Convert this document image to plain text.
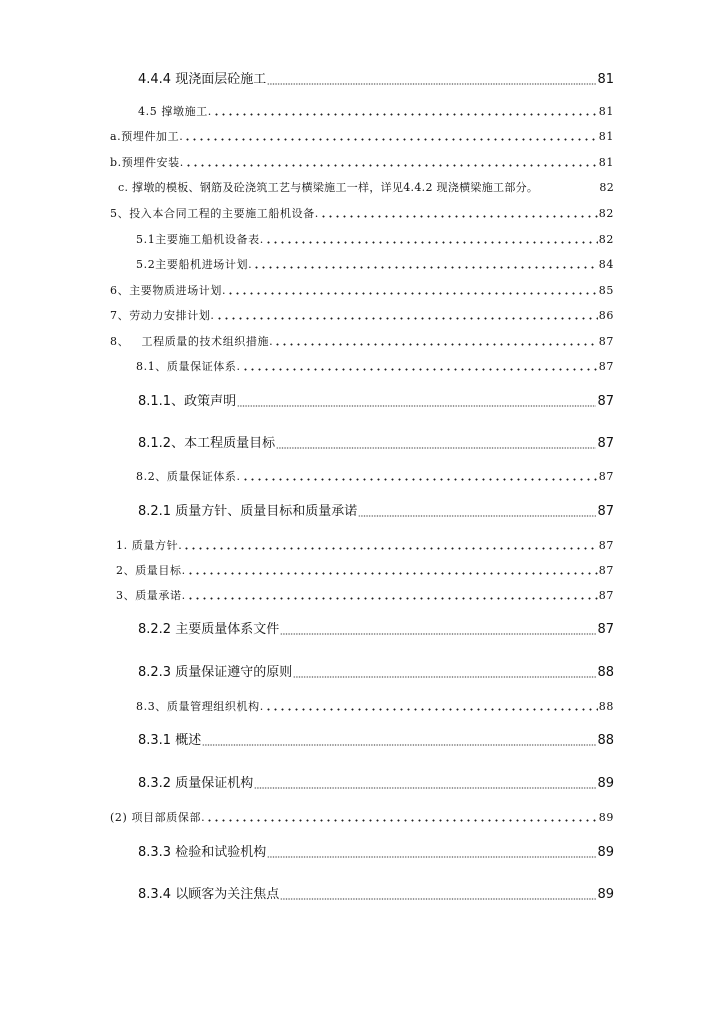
4.4.4 现浇面层砼施工	81
4.5 撑墩施工.	81
a.预埋件加工.	81
b.预埋件安装.	81
c. 撑墩的模板、钢筋及砼浇筑工艺与横梁施工一样，详见4.4.2 现浇横梁施工部分。	82
5、投入本合同工程的主要施工船机设备.	82
5.1主要施工船机设备表.	82
5.2主要船机进场计划.	84
6、主要物质进场计划.	85
7、劳动力安排计划.	86
8、   工程质量的技术组织措施.	87
8.1、质量保证体系.	87
8.1.1、政策声明	87
8.1.2、本工程质量目标	87
8.2、质量保证体系.	87
8.2.1 质量方针、质量目标和质量承诺	87
1. 质量方针.	87
2、质量目标.	87
3、质量承诺.	87
8.2.2 主要质量体系文件	87
8.2.3 质量保证遵守的原则	88
8.3、质量管理组织机构.	88
8.3.1 概述	88
8.3.2 质量保证机构	89
(2) 项目部质保部.	89
8.3.3 检验和试验机构	89
8.3.4 以顾客为关注焦点	89
